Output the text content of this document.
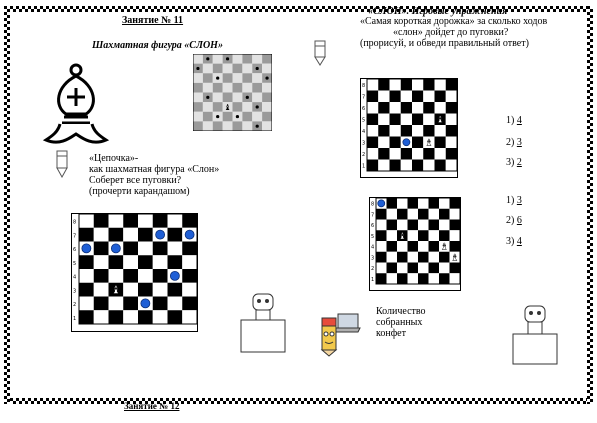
Занятие № 11
Шахматная фигура «СЛОН»
♝
«Цепочка»-
как шахматная фигура «Слон»
Соберет все пуговки?
(прочерти карандашом)
8
7
6
5
4
3
2
1
♝
«СЛОН». Игровые упражнения
«Самая короткая дорожка» за сколько ходов
«слон» дойдет до пуговки?
(прорисуй, и обведи правильный ответ)
8
7
6
5
4
3
2
1
♝
♝
1) 4
2) 3
3) 2
8
7
6
5
4
3
2
1
♝
♝
♝
1) 3
2) 6
3) 4
Количество
собранных
конфет
Занятие № 12
